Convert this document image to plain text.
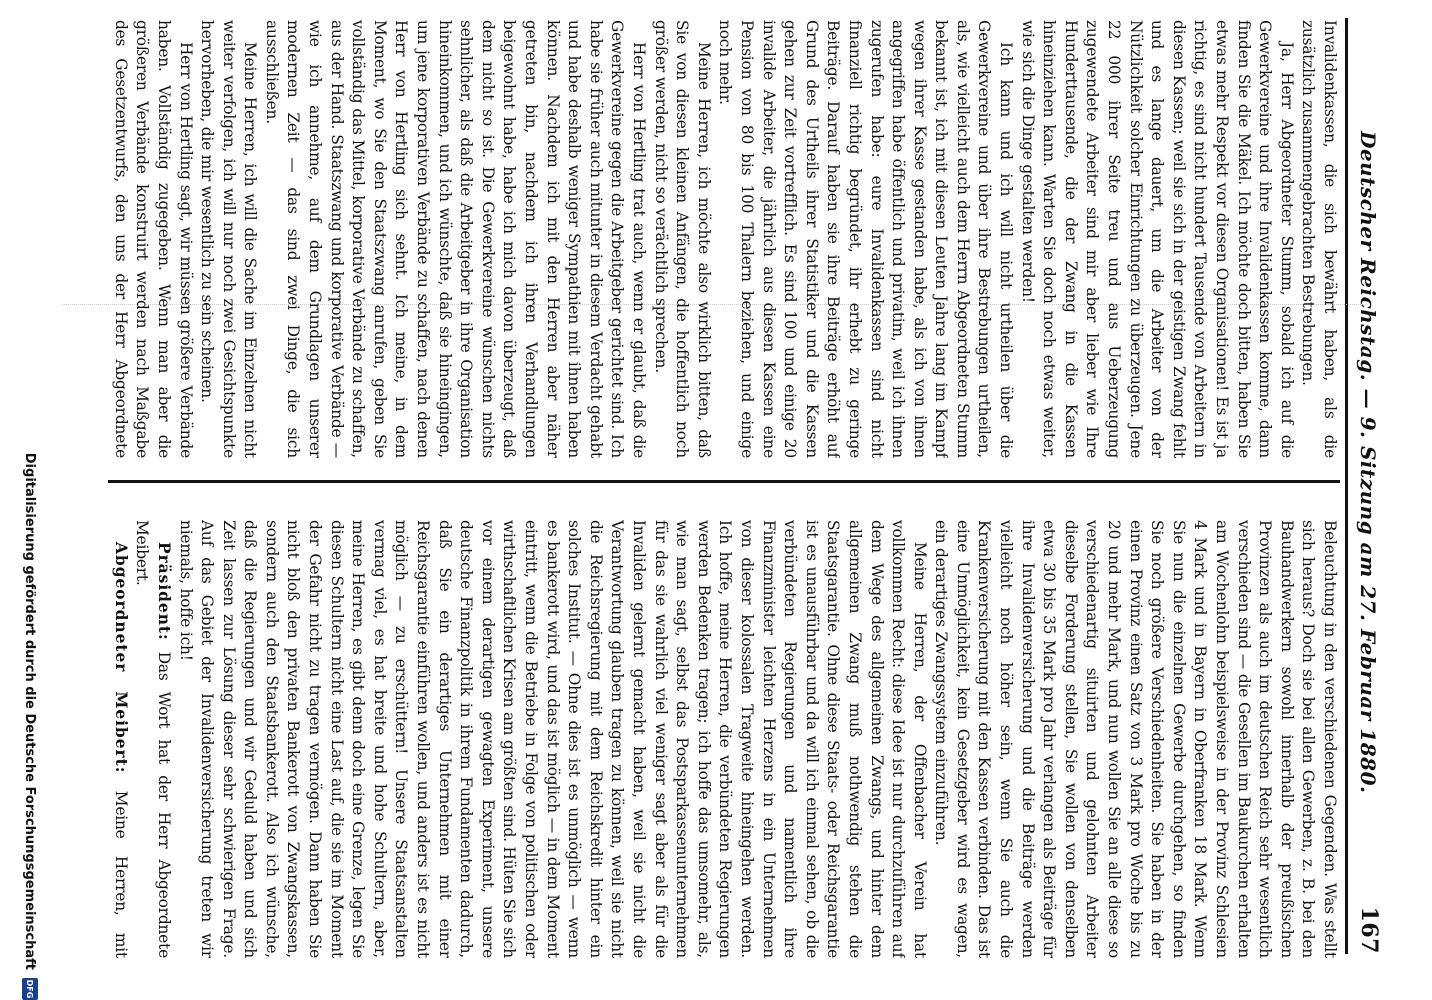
Deutscher Reichstag. — 9. Sitzung am 27. Februar 1880.
167

Invalidenkassen, die sich bewährt haben, als die zusätzlich zusammengebrachten Bestrebungen.

Ja, Herr Abgeordneter Stumm, sobald ich auf die Gewerkvereine und ihre Invalidenkassen komme, dann finden Sie die Mäkel. Ich möchte doch bitten, haben Sie etwas mehr Respekt vor diesen Organisationen! Es ist ja richtig, es sind nicht hundert Tausende von Arbeitern in diesen Kassen; weil sie sich in der geistigen Zwang fehlt und es lange dauert, um die Arbeiter von der Nützlichkeit solcher Einrichtungen zu überzeugen. Jene 22 000 ihrer Seite treu und aus Ueberzeugung zugewendete Arbeiter sind mir aber lieber wie Ihre Hunderttausende, die der Zwang in die Kassen hineinziehen kann. Warten Sie doch noch etwas weiter, wie sich die Dinge gestalten werden!

Ich kann und ich will nicht urtheilen über die Gewerkvereine und über ihre Bestrebungen urtheilen, als, wie vielleicht auch dem Herrn Abgeordneten Stumm bekannt ist, ich mit diesen Leuten Jahre lang im Kampf wegen ihrer Kasse gestanden habe, als ich von ihnen angegriffen habe öffentlich und privatim, weil ich ihnen zugerufen habe: eure Invalidenkassen sind nicht finanziell richtig begründet, ihr erhebt zu geringe Beiträge. Darauf haben sie ihre Beiträge erhöht auf Grund des Urtheils ihrer Statistiker und die Kassen gehen zur Zeit vortrefflich. Es sind 100 und einige 20 invalide Arbeiter, die jährlich aus diesen Kassen eine Pension von 80 bis 100 Thalern beziehen, und einige noch mehr.

Meine Herren, ich möchte also wirklich bitten, daß Sie von diesen kleinen Anfängen, die hoffentlich noch größer werden, nicht so verächtlich sprechen.

Herr von Hertling trat auch, wenn er glaubt, daß die Gewerkvereine gegen die Arbeitgeber gerichtet sind. Ich habe sie früher auch mitunter in diesem Verdacht gehabt und habe deshalb weniger Sympathien mit ihnen haben können. Nachdem ich mit den Herren aber näher getreten bin, nachdem ich ihren Verhandlungen beigewohnt habe, habe ich mich davon überzeugt, daß dem nicht so ist. Die Gewerkvereine wünschen nichts sehnlicher, als daß die Arbeitgeber in ihre Organisation hineinkommen, und ich wünschte, daß sie hineingingen, um jene korporativen Verbände zu schaffen, nach denen Herr von Hertling sich sehnt. Ich meine, in dem Moment, wo Sie den Staatszwang anrufen, geben Sie vollständig das Mittel, korporative Verbände zu schaffen, aus der Hand. Staatszwang und korporative Verbände — wie ich annehme, auf dem Grundlagen unserer modernen Zeit — das sind zwei Dinge, die sich ausschließen.

Meine Herren, ich will die Sache im Einzelnen nicht weiter verfolgen, ich will nur noch zwei Gesichtspunkte hervorheben, die mir wesentlich zu sein scheinen.

Herr von Hertling sagt, wir müssen größere Verbände haben. Vollständig zugegeben. Wenn man aber die größeren Verbände konstruirt werden nach Maßgabe des Gesetzentwurfs, den uns der Herr Abgeordnete

Beleuchtung in den verschiedenen Gegenden. Was stellt sich heraus? Doch sie bei allen Gewerben, z. B. bei den Bauhandwerkern sowohl innerhalb der preußischen Provinzen als auch im deutschen Reich sehr wesentlich verschieden sind — die Gesellen im Baukurchen erhalten am Wochenlohn beispielsweise in der Provinz Schlesien 4 Mark und in Bayern in Oberfranken 18 Mark. Wenn Sie nun die einzelnen Gewerbe durchgehen, so finden Sie noch größere Verschiedenheiten. Sie haben in der einen Provinz einen Satz von 3 Mark pro Woche bis zu 20 und mehr Mark, und nun wollen Sie an alle diese so verschiedenartig situirten und gelohnten Arbeiter dieselbe Forderung stellen, Sie wollen von denselben etwa 30 bis 35 Mark pro Jahr verlangen als Beiträge für ihre Invalidenversicherung und die Beiträge werden vielleicht noch höher sein, wenn Sie auch die Krankenversicherung mit den Kassen verbinden. Das ist eine Unmöglichkeit, kein Gesetzgeber wird es wagen, ein derartiges Zwangssystem einzuführen.

Meine Herren, der Offenbacher Verein hat vollkommen Recht: diese Idee ist nur durchzuführen auf dem Wege des allgemeinen Zwangs, und hinter dem allgemeinen Zwang muß nothwendig stehen die Staatsgarantie. Ohne diese Staats- oder Reichsgarantie ist es unausführbar und da will ich einmal sehen, ob die verbündeten Regierungen und namentlich ihre Finanzminister leichten Herzens in ein Unternehmen von dieser kolossalen Tragweite hineingehen werden. Ich hoffe, meine Herren, die verbündeten Regierungen werden Bedenken tragen; ich hoffe das umsomehr, als, wie man sagt, selbst das Postsparkassenunternehmen für das sie wahrlich viel weniger sagt aber als für die Invaliden gelernt gemacht haben, weil sie nicht die Verantwortung glauben tragen zu können, weil sie nicht die Reichsregierung mit dem Reichskredit hinter ein solches Institut. — Ohne dies ist es unmöglich — wenn es bankerott wird, und das ist möglich — in dem Moment eintritt, wenn die Betriebe in Folge von politischen oder wirthschaftlichen Krisen am größten sind. Hüten Sie sich vor einem derartigen gewagten Experiment, unsere deutsche Finanzpolitik in ihrem Fundamenten dadurch, daß Sie ein derartiges Unternehmen mit einer Reichsgarantie einführen wollen, und anders ist es nicht möglich — zu erschüttern! Unsere Staatsanstalten vermag viel, es hat breite und hohe Schultern, aber, meine Herren, es gibt denn doch eine Grenze, legen Sie diesen Schultern nicht eine Last auf, die sie im Moment der Gefahr nicht zu tragen vermögen. Dann haben Sie nicht bloß den privaten Bankerott von Zwangskassen, sondern auch den Staatsbankerott. Also ich wünsche, daß die Regierungen und wir Geduld haben und sich Zeit lassen zur Lösung dieser sehr schwierigen Frage. Auf das Gebiet der Invalidenversicherung treten wir niemals, hoffe ich!

Präsident: Das Wort hat der Herr Abgeordnete Meibert.

Abgeordneter Meibert: Meine Herren, mit

Digitalisierung gefördert durch die Deutsche Forschungsgemeinschaft
DFG
